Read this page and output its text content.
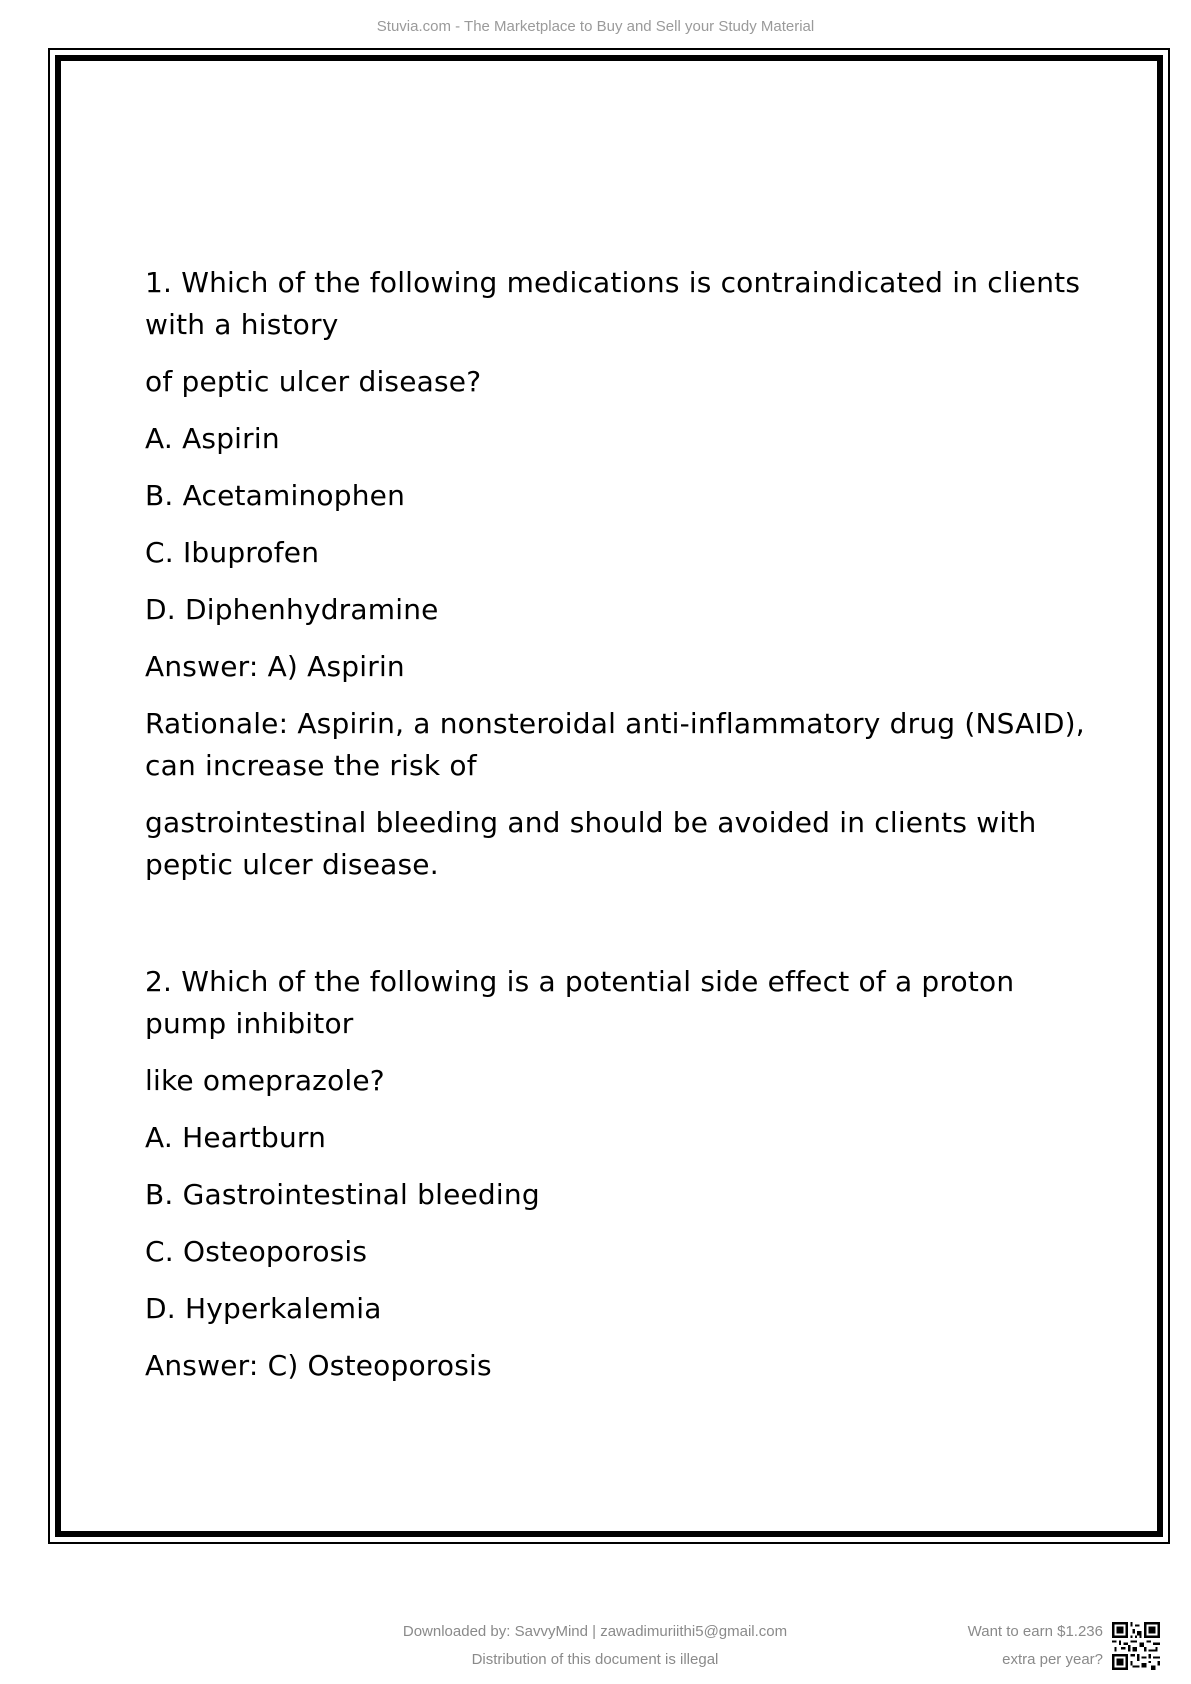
Stuvia.com - The Marketplace to Buy and Sell your Study Material
1. Which of the following medications is contraindicated in clients with a history
of peptic ulcer disease?
A. Aspirin
B. Acetaminophen
C. Ibuprofen
D. Diphenhydramine
Answer: A) Aspirin
Rationale: Aspirin, a nonsteroidal anti-inflammatory drug (NSAID), can increase the risk of
gastrointestinal bleeding and should be avoided in clients with peptic ulcer disease.
2. Which of the following is a potential side effect of a proton pump inhibitor
like omeprazole?
A. Heartburn
B. Gastrointestinal bleeding
C. Osteoporosis
D. Hyperkalemia
Answer: C) Osteoporosis
Downloaded by: SavvyMind | zawadimuriithi5@gmail.com
Distribution of this document is illegal
Want to earn $1.236
extra per year?
